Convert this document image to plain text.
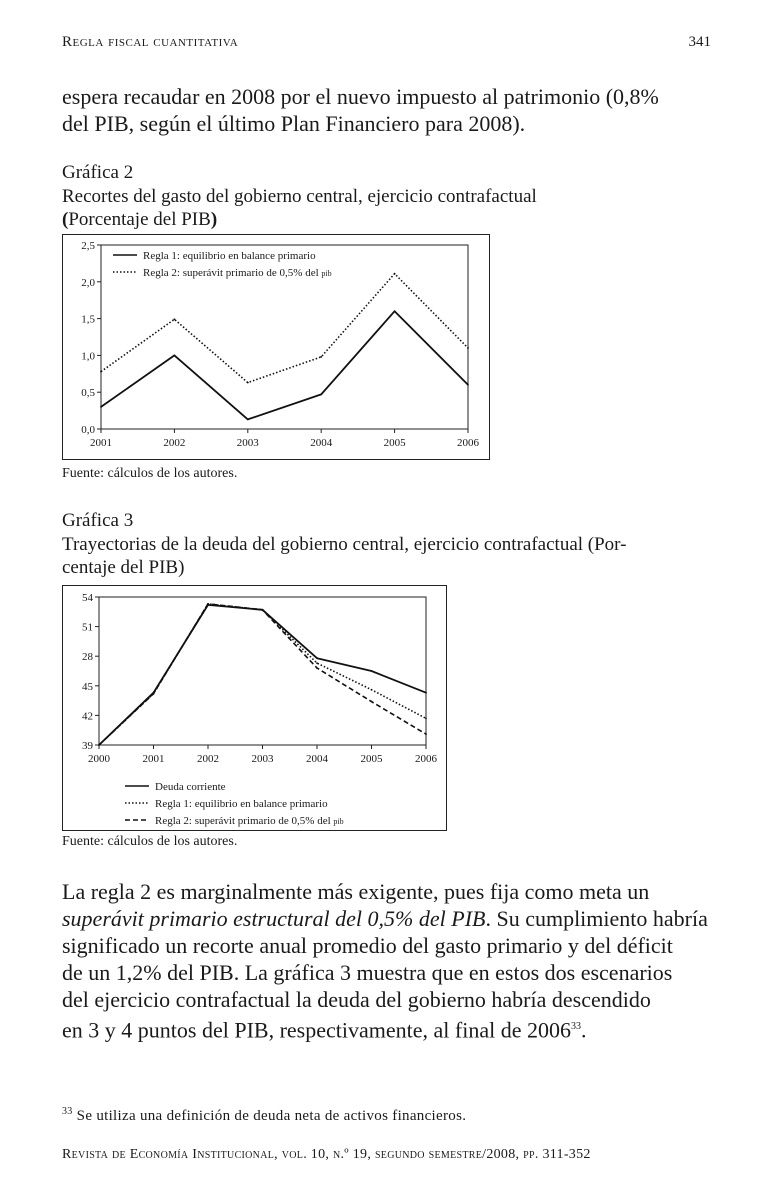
Regla fiscal cuantitativa	341
espera recaudar en 2008 por el nuevo impuesto al patrimonio (0,8%
del PIB, según el último Plan Financiero para 2008).
Gráfica 2
Recortes del gasto del gobierno central, ejercicio contrafactual
(Porcentaje del PIB)
0,0
0,5
1,0
1,5
2,0
2,5
2001	2002	2003	2004	2005	2006
Regla 1: equilibrio en balance primario
Regla 2: superávit primario de 0,5% del pib
Fuente: cálculos de los autores.
Gráfica 3
Trayectorias de la deuda del gobierno central, ejercicio contrafactual (Por-
centaje del PIB)
39
42
45
28
51
54
2000	2001	2002	2003	2004	2005	2006
Deuda corriente
Regla 1: equilibrio en balance primario
Regla 2: superávit primario de 0,5% del pib
Fuente: cálculos de los autores.
La regla 2 es marginalmente más exigente, pues fija como meta un
superávit primario estructural del 0,5% del PIB. Su cumplimiento habría
significado un recorte anual promedio del gasto primario y del déficit
de un 1,2% del PIB. La gráfica 3 muestra que en estos dos escenarios
del ejercicio contrafactual la deuda del gobierno habría descendido
en 3 y 4 puntos del PIB, respectivamente, al final de 2006$^{33}$.
$^{33}$ Se utiliza una definición de deuda neta de activos financieros.
Revista de Economía Institucional, vol. 10, n.º 19, segundo semestre/2008, pp. 311-352
